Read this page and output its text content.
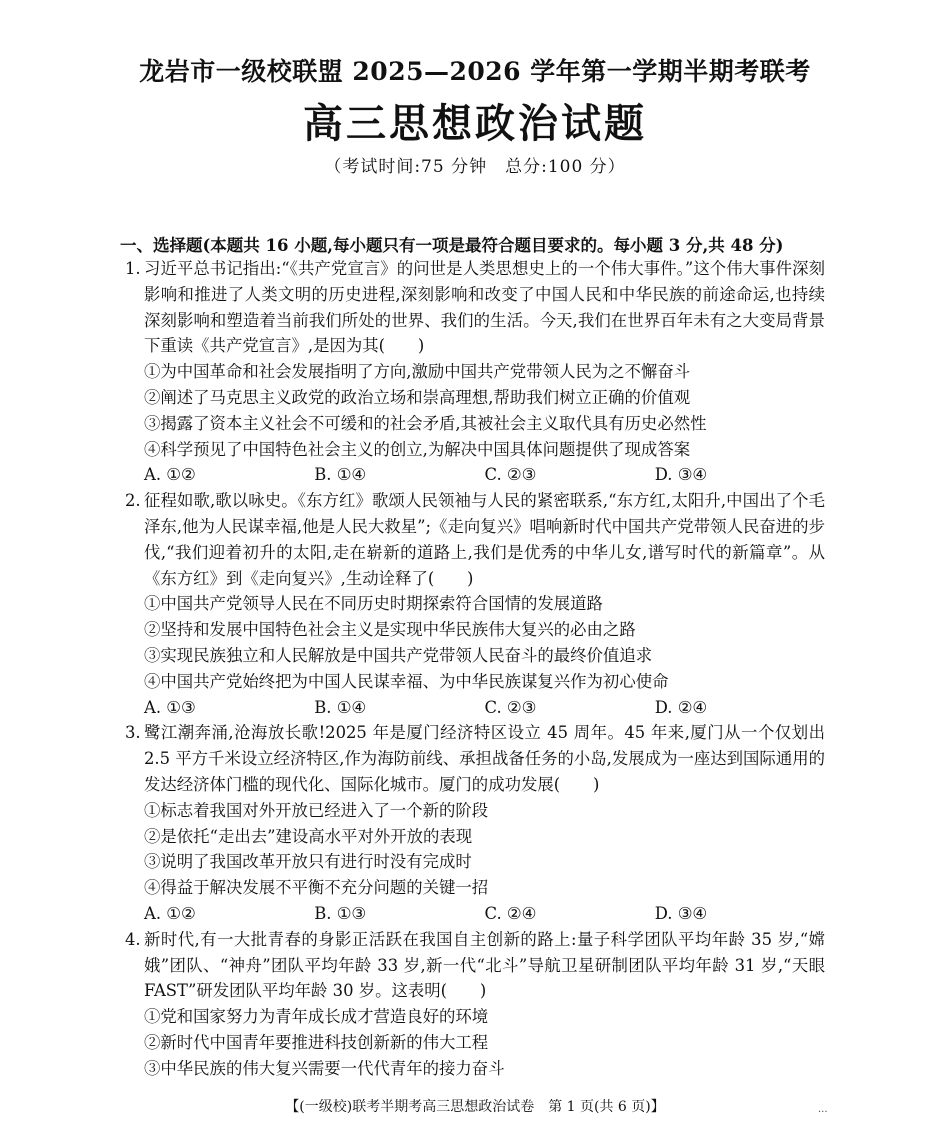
龙岩市一级校联盟 2025—2026 学年第一学期半期考联考
高三思想政治试题
（考试时间:75 分钟　总分:100 分）
一、选择题(本题共 16 小题,每小题只有一项是最符合题目要求的。每小题 3 分,共 48 分)
1. 习近平总书记指出:“《共产党宣言》的问世是人类思想史上的一个伟大事件。”这个伟大事件深刻影响和推进了人类文明的历史进程,深刻影响和改变了中国人民和中华民族的前途命运,也持续深刻影响和塑造着当前我们所处的世界、我们的生活。今天,我们在世界百年未有之大变局背景下重读《共产党宣言》,是因为其(　　)
①为中国革命和社会发展指明了方向,激励中国共产党带领人民为之不懈奋斗
②阐述了马克思主义政党的政治立场和崇高理想,帮助我们树立正确的价值观
③揭露了资本主义社会不可缓和的社会矛盾,其被社会主义取代具有历史必然性
④科学预见了中国特色社会主义的创立,为解决中国具体问题提供了现成答案
A. ①②	B. ①④	C. ②③	D. ③④
2. 征程如歌,歌以咏史。《东方红》歌颂人民领袖与人民的紧密联系,“东方红,太阳升,中国出了个毛泽东,他为人民谋幸福,他是人民大救星”;《走向复兴》唱响新时代中国共产党带领人民奋进的步伐,“我们迎着初升的太阳,走在崭新的道路上,我们是优秀的中华儿女,谱写时代的新篇章”。从《东方红》到《走向复兴》,生动诠释了(　　)
①中国共产党领导人民在不同历史时期探索符合国情的发展道路
②坚持和发展中国特色社会主义是实现中华民族伟大复兴的必由之路
③实现民族独立和人民解放是中国共产党带领人民奋斗的最终价值追求
④中国共产党始终把为中国人民谋幸福、为中华民族谋复兴作为初心使命
A. ①③	B. ①④	C. ②③	D. ②④
3. 鹭江潮奔涌,沧海放长歌!2025 年是厦门经济特区设立 45 周年。45 年来,厦门从一个仅划出 2.5 平方千米设立经济特区,作为海防前线、承担战备任务的小岛,发展成为一座达到国际通用的发达经济体门槛的现代化、国际化城市。厦门的成功发展(　　)
①标志着我国对外开放已经进入了一个新的阶段
②是依托“走出去”建设高水平对外开放的表现
③说明了我国改革开放只有进行时没有完成时
④得益于解决发展不平衡不充分问题的关键一招
A. ①②	B. ①③	C. ②④	D. ③④
4. 新时代,有一大批青春的身影正活跃在我国自主创新的路上:量子科学团队平均年龄 35 岁,“嫦娥”团队、“神舟”团队平均年龄 33 岁,新一代“北斗”导航卫星研制团队平均年龄 31 岁,“天眼 FAST”研发团队平均年龄 30 岁。这表明(　　)
①党和国家努力为青年成长成才营造良好的环境
②新时代中国青年要推进科技创新新的伟大工程
③中华民族的伟大复兴需要一代代青年的接力奋斗
【(一级校)联考半期考高三思想政治试卷　第 1 页(共 6 页)】	...
